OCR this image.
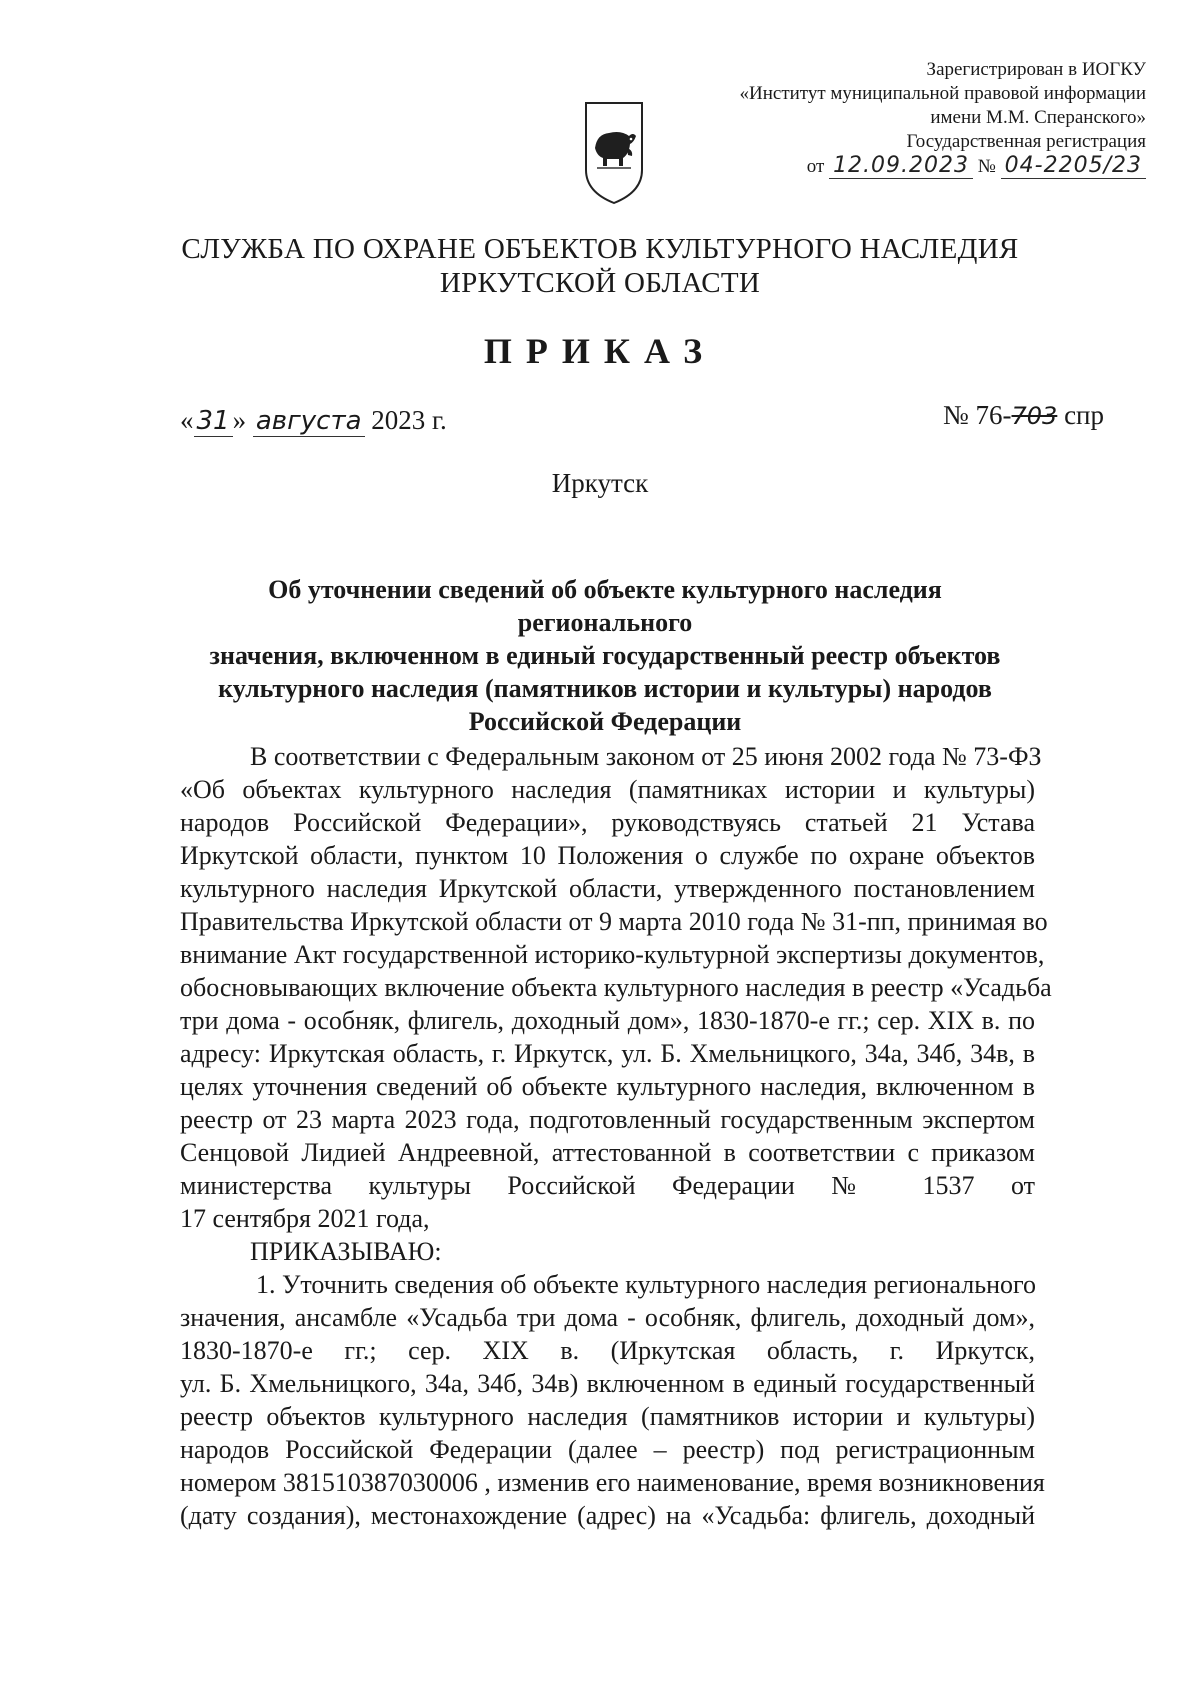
Зарегистрирован в ИОГКУ
«Институт муниципальной правовой информации
имени М.М. Сперанского»
Государственная регистрация
от 12.09.2023 № 04-2205/23
СЛУЖБА ПО ОХРАНЕ ОБЪЕКТОВ КУЛЬТУРНОГО НАСЛЕДИЯ
ИРКУТСКОЙ ОБЛАСТИ
ПРИКАЗ
« 31 » августа 2023 г.	№ 76-703 спр
Иркутск
Об уточнении сведений об объекте культурного наследия регионального
значения, включенном в единый государственный реестр объектов
культурного наследия (памятников истории и культуры) народов
Российской Федерации
В соответствии с Федеральным законом от 25 июня 2002 года № 73-ФЗ
«Об объектах культурного наследия (памятниках истории и культуры)
народов Российской Федерации», руководствуясь статьей 21 Устава
Иркутской области, пунктом 10 Положения о службе по охране объектов
культурного наследия Иркутской области, утвержденного постановлением
Правительства Иркутской области от 9 марта 2010 года № 31-пп, принимая во
внимание Акт государственной историко-культурной экспертизы документов,
обосновывающих включение объекта культурного наследия в реестр «Усадьба
три дома - особняк, флигель, доходный дом», 1830-1870-е гг.; сер. XIX в. по
адресу: Иркутская область, г. Иркутск, ул. Б. Хмельницкого, 34а, 34б, 34в, в
целях уточнения сведений об объекте культурного наследия, включенном в
реестр от 23 марта 2023 года, подготовленный государственным экспертом
Сенцовой Лидией Андреевной, аттестованной в соответствии с приказом
министерства культуры Российской Федерации № 1537 от
17 сентября 2021 года,
ПРИКАЗЫВАЮ:
1. Уточнить сведения об объекте культурного наследия регионального
значения, ансамбле «Усадьба три дома - особняк, флигель, доходный дом»,
1830-1870-е гг.; сер. XIX в. (Иркутская область, г. Иркутск,
ул. Б. Хмельницкого, 34а, 34б, 34в) включенном в единый государственный
реестр объектов культурного наследия (памятников истории и культуры)
народов Российской Федерации (далее – реестр) под регистрационным
номером 381510387030006 , изменив его наименование, время возникновения
(дату создания), местонахождение (адрес) на «Усадьба: флигель, доходный
